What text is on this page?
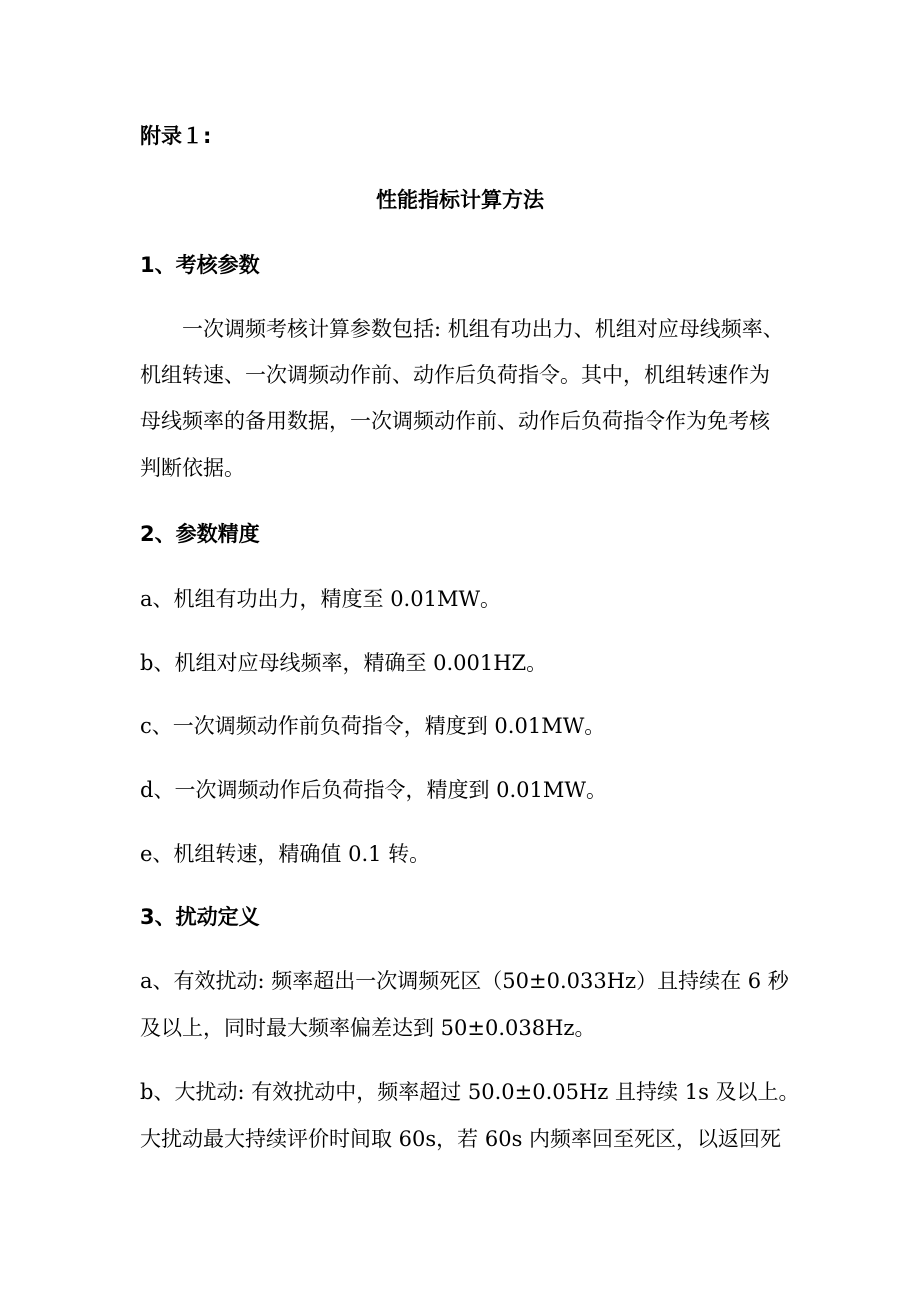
附录１:
性能指标计算方法
1、考核参数
一次调频考核计算参数包括: 机组有功出力、机组对应母线频率、
机组转速、一次调频动作前、动作后负荷指令。其中，机组转速作为
母线频率的备用数据，一次调频动作前、动作后负荷指令作为免考核
判断依据。
2、参数精度
a、机组有功出力，精度至 0.01MW。
b、机组对应母线频率，精确至 0.001HZ。
c、一次调频动作前负荷指令，精度到 0.01MW。
d、一次调频动作后负荷指令，精度到 0.01MW。
e、机组转速，精确值 0.1 转。
3、扰动定义
a、有效扰动: 频率超出一次调频死区（50±0.033Hz）且持续在 6 秒
及以上，同时最大频率偏差达到 50±0.038Hz。
b、大扰动: 有效扰动中，频率超过 50.0±0.05Hz 且持续 1s 及以上。
大扰动最大持续评价时间取 60s，若 60s 内频率回至死区，以返回死
